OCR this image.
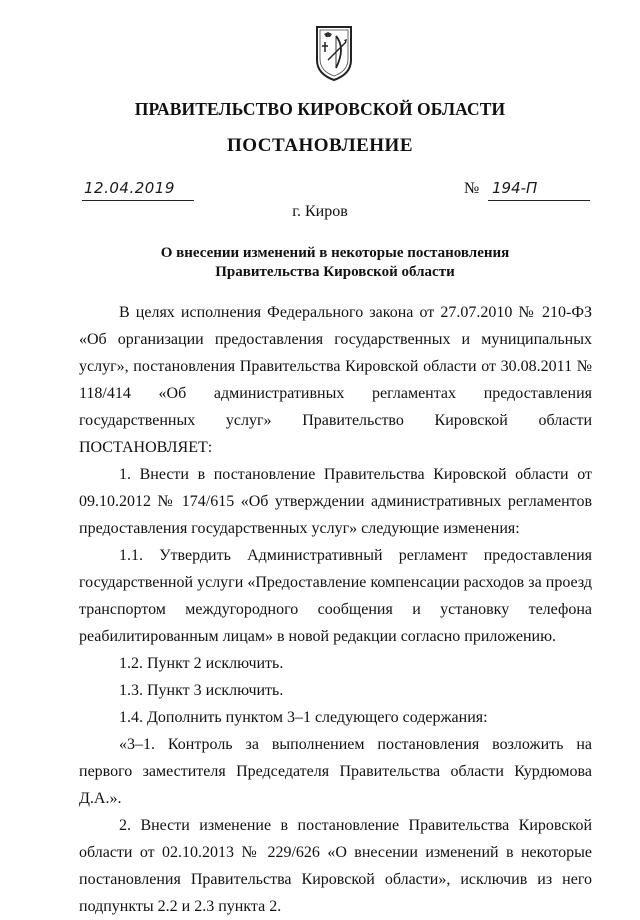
ПРАВИТЕЛЬСТВО КИРОВСКОЙ ОБЛАСТИ
ПОСТАНОВЛЕНИЕ
12.04.2019	№ 194-П
г. Киров
О внесении изменений в некоторые постановления
Правительства Кировской области

В целях исполнения Федерального закона от 27.07.2010 № 210-ФЗ «Об организации предоставления государственных и муниципальных услуг», постановления Правительства Кировской области от 30.08.2011 № 118/414 «Об административных регламентах предоставления государственных услуг» Правительство Кировской области ПОСТАНОВЛЯЕТ:

1. Внести в постановление Правительства Кировской области от 09.10.2012 № 174/615 «Об утверждении административных регламентов предоставления государственных услуг» следующие изменения:

1.1. Утвердить Административный регламент предоставления государственной услуги «Предоставление компенсации расходов за проезд транспортом междугородного сообщения и установку телефона реабилитированным лицам» в новой редакции согласно приложению.

1.2. Пункт 2 исключить.

1.3. Пункт 3 исключить.

1.4. Дополнить пунктом 3–1 следующего содержания:

«3–1. Контроль за выполнением постановления возложить на первого заместителя Председателя Правительства области Курдюмова Д.А.».

2. Внести изменение в постановление Правительства Кировской области от 02.10.2013 № 229/626 «О внесении изменений в некоторые постановления Правительства Кировской области», исключив из него подпункты 2.2 и 2.3 пункта 2.
